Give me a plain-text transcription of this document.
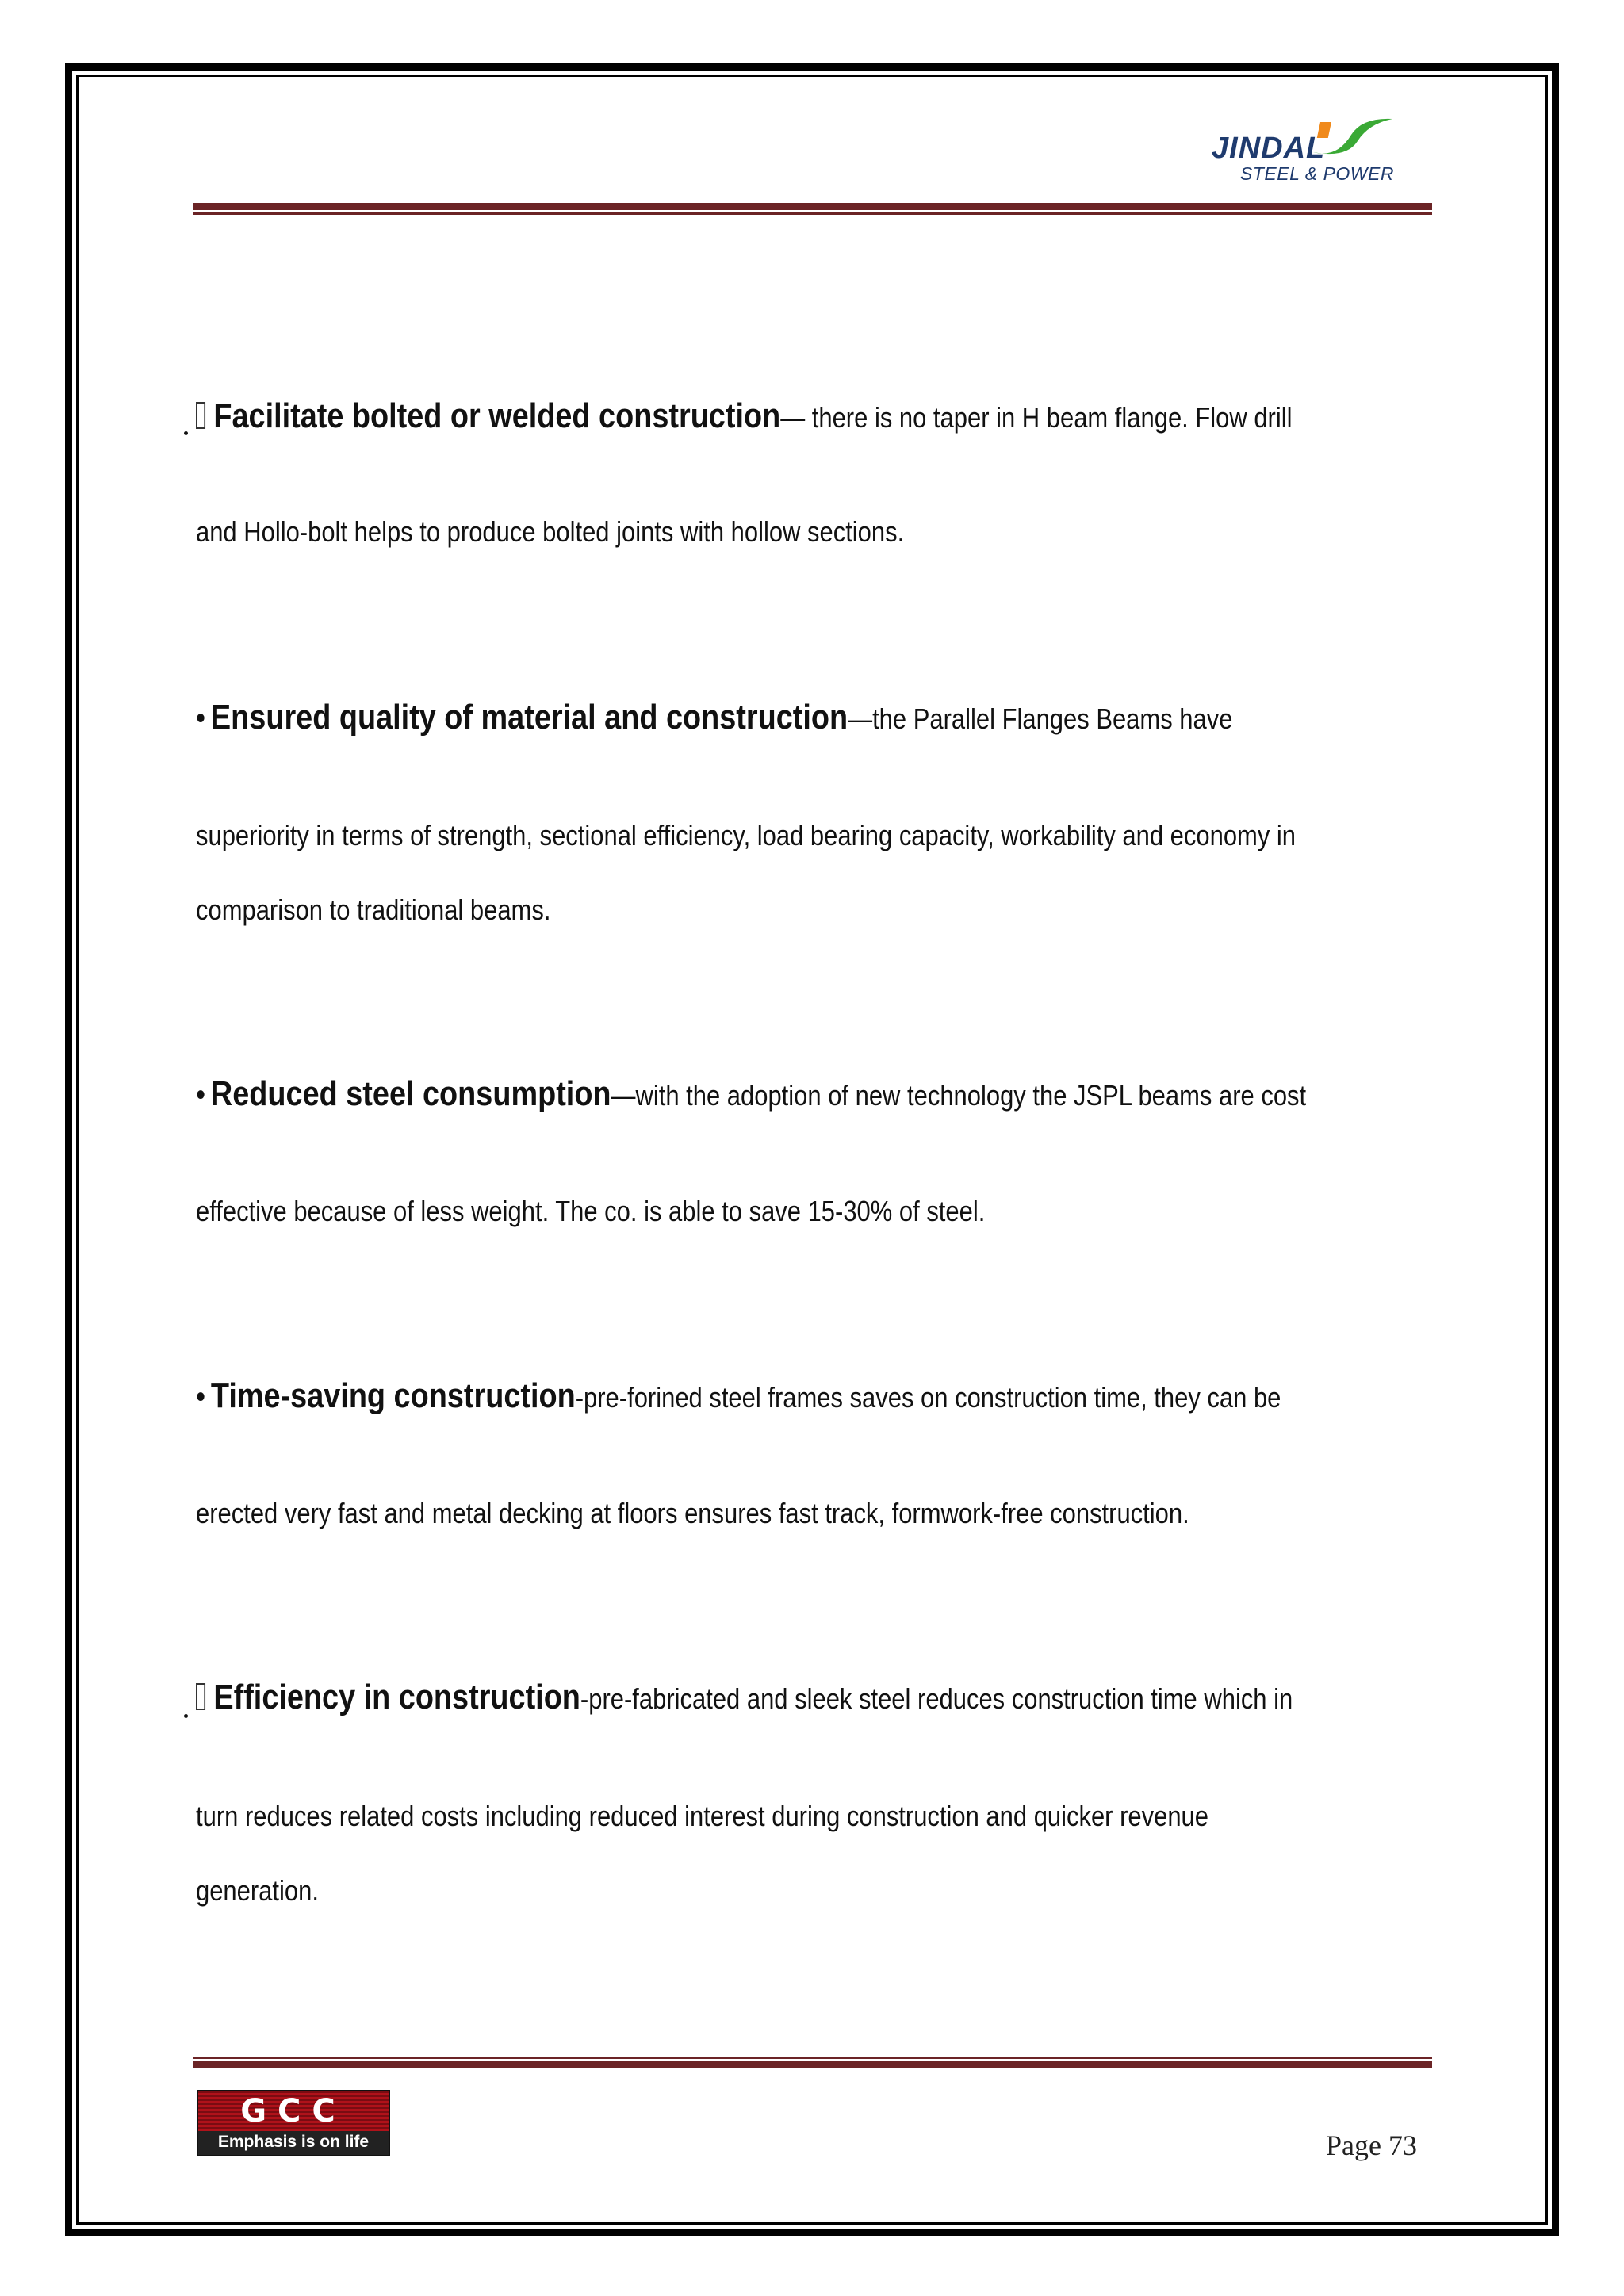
JINDAL
STEEL & POWER
Facilitate bolted or welded construction— there is no taper in H beam flange. Flow drill
and Hollo-bolt helps to produce bolted joints with hollow sections.
• Ensured quality of material and construction—the Parallel Flanges Beams have
superiority in terms of strength, sectional efficiency, load bearing capacity, workability and economy in
comparison to traditional beams.
• Reduced steel consumption—with the adoption of new technology the JSPL beams are cost
effective because of less weight. The co. is able to save 15-30% of steel.
• Time-saving construction-pre-forined steel frames saves on construction time, they can be
erected very fast and metal decking at floors ensures fast track, formwork-free construction.
Efficiency in construction-pre-fabricated and sleek steel reduces construction time which in
turn reduces related costs including reduced interest during construction and quicker revenue
generation.
GCC
Emphasis is on life	Page 73
